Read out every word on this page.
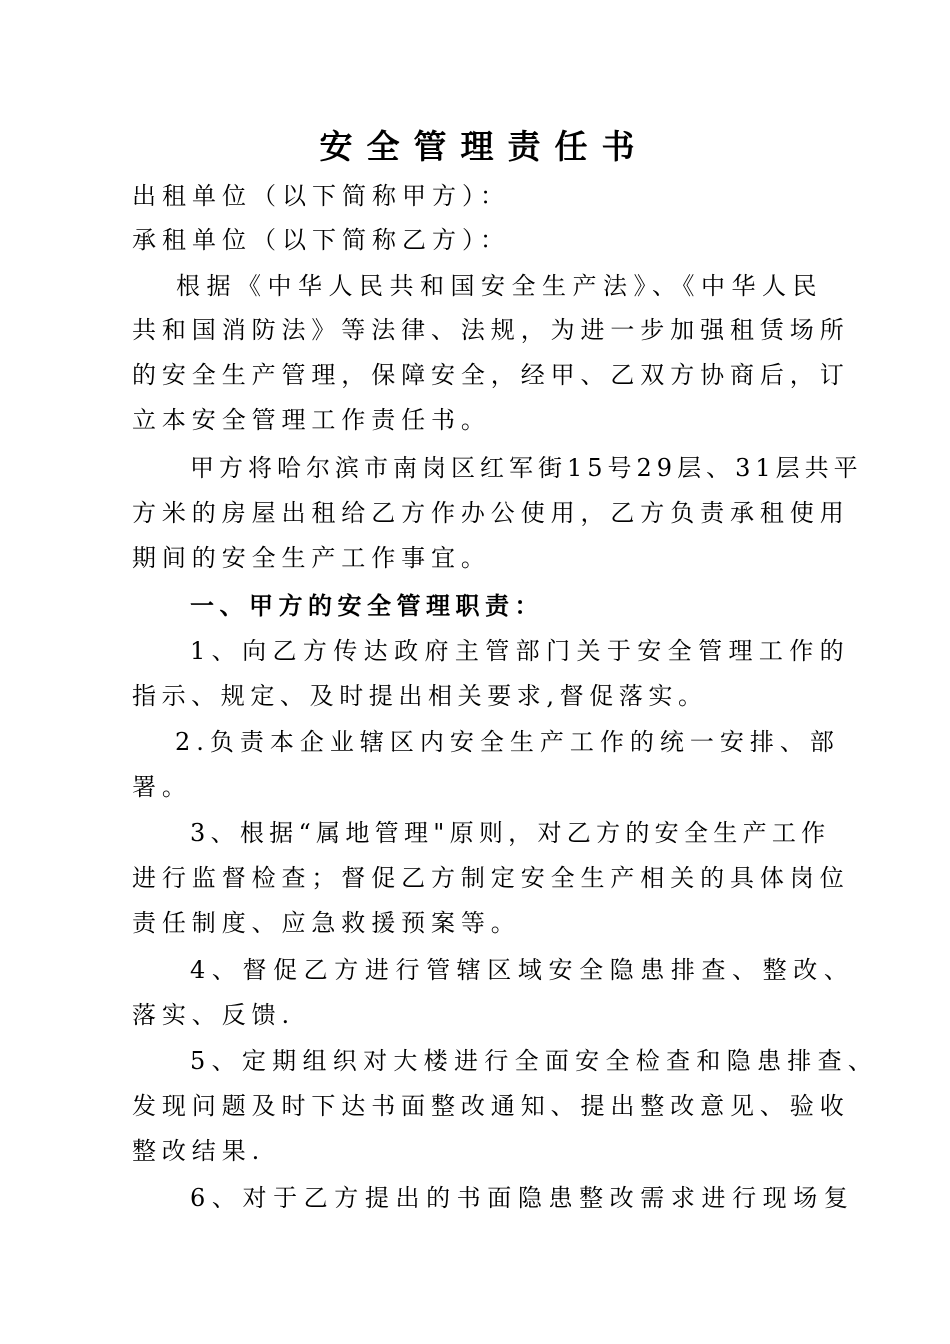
安全管理责任书
出租单位（以下简称甲方）：
承租单位（以下简称乙方）：
根据《中华人民共和国安全生产法》、《中华人民
共和国消防法》等法律、法规，为进一步加强租赁场所
的安全生产管理，保障安全，经甲、乙双方协商后，订
立本安全管理工作责任书。
甲方将哈尔滨市南岗区红军街15号29层、31层共平
方米的房屋出租给乙方作办公使用，乙方负责承租使用
期间的安全生产工作事宜。
一、甲方的安全管理职责：
1、向乙方传达政府主管部门关于安全管理工作的
指示、规定、及时提出相关要求,督促落实。
2.负责本企业辖区内安全生产工作的统一安排、部
署。
3、根据“属地管理"原则，对乙方的安全生产工作
进行监督检查；督促乙方制定安全生产相关的具体岗位
责任制度、应急救援预案等。
4、督促乙方进行管辖区域安全隐患排查、整改、
落实、反馈.
5、定期组织对大楼进行全面安全检查和隐患排查、
发现问题及时下达书面整改通知、提出整改意见、验收
整改结果.
6、对于乙方提出的书面隐患整改需求进行现场复
